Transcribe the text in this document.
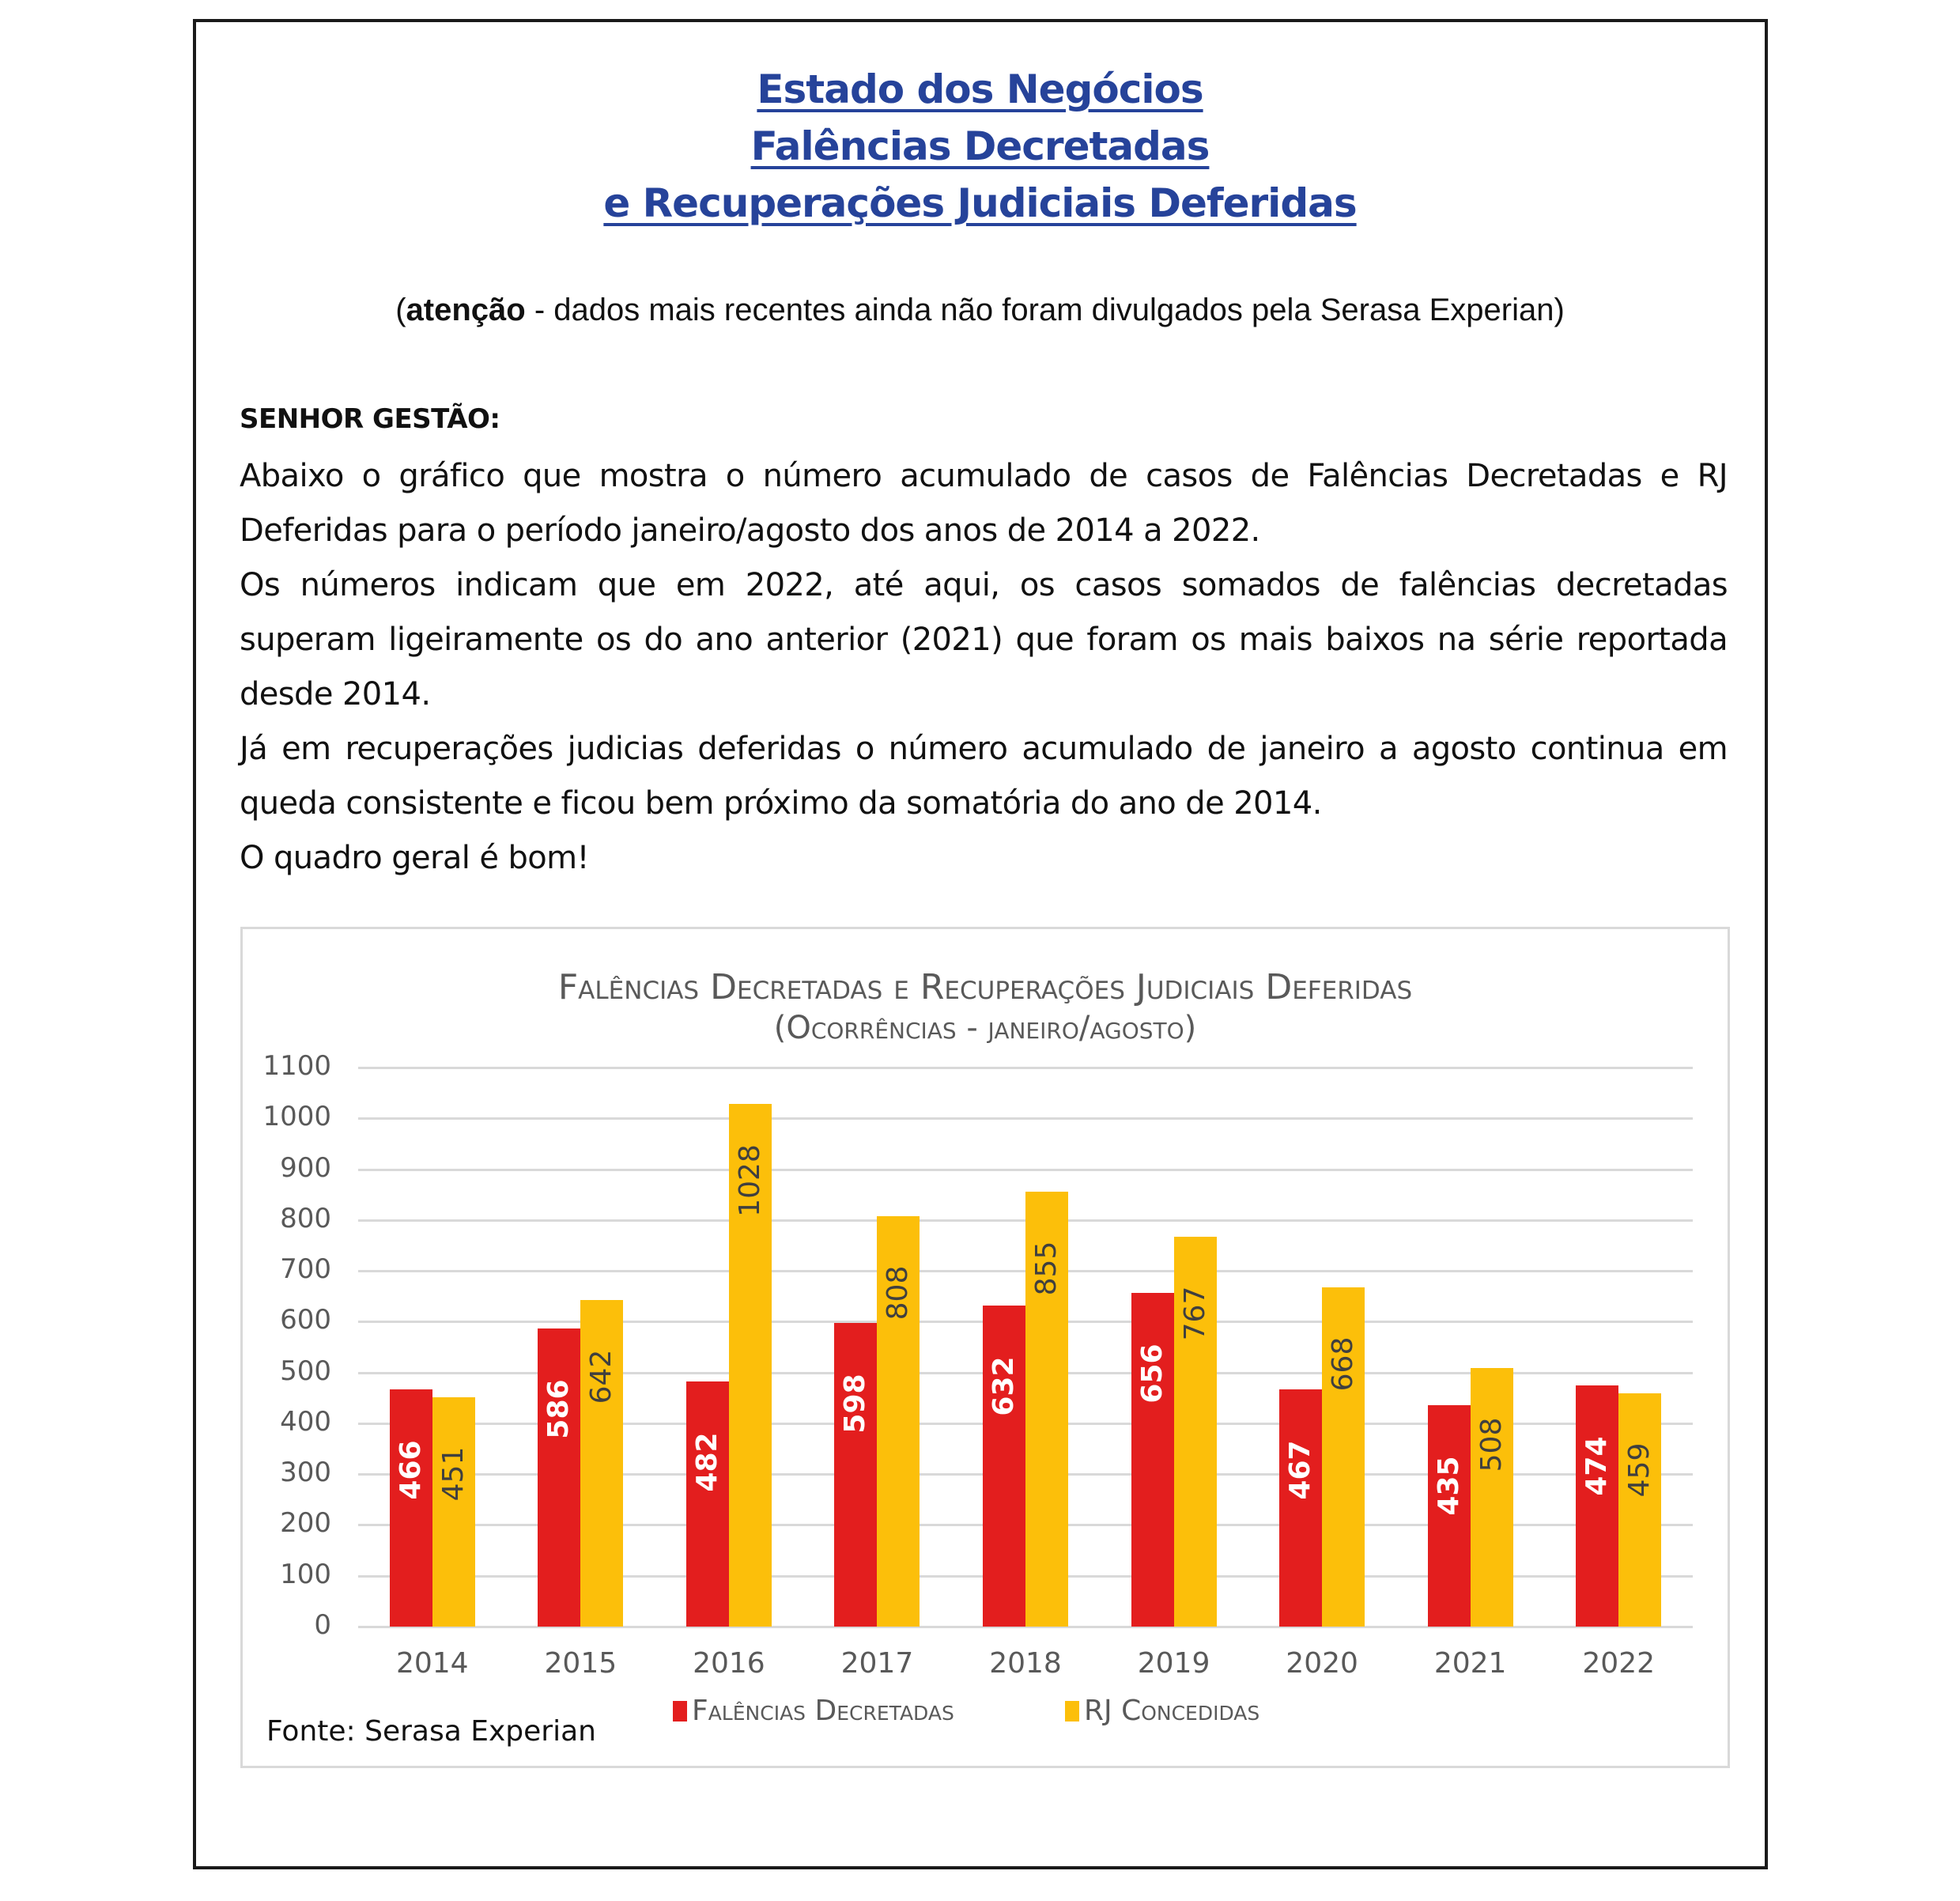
Estado dos Negócios
Falências Decretadas
e Recuperações Judiciais Deferidas
(atenção - dados mais recentes ainda não foram divulgados pela Serasa Experian)
SENHOR GESTÃO:

Abaixo o gráfico que mostra o número acumulado de casos de Falências Decretadas e RJ Deferidas para o período janeiro/agosto dos anos de 2014 a 2022.

Os números indicam que em 2022, até aqui, os casos somados de falências decretadas superam ligeiramente os do ano anterior (2021) que foram os mais baixos na série reportada desde 2014.

Já em recuperações judicias deferidas o número acumulado de janeiro a agosto continua em queda consistente e ficou bem próximo da somatória do ano de 2014.

O quadro geral é bom!

Falências Decretadas e Recuperações Judiciais Deferidas
(Ocorrências - janeiro/agosto)
1100
1000
900
800
700
600
500
400
300
200
100
0
466 451
2014
586
642
2015
482
1028
2016
598
808
2017
632
855
2018
656
767
2019
467
668
2020
435
508
2021
474 459
2022
Falências Decretadas	RJ Concedidas
Fonte: Serasa Experian
